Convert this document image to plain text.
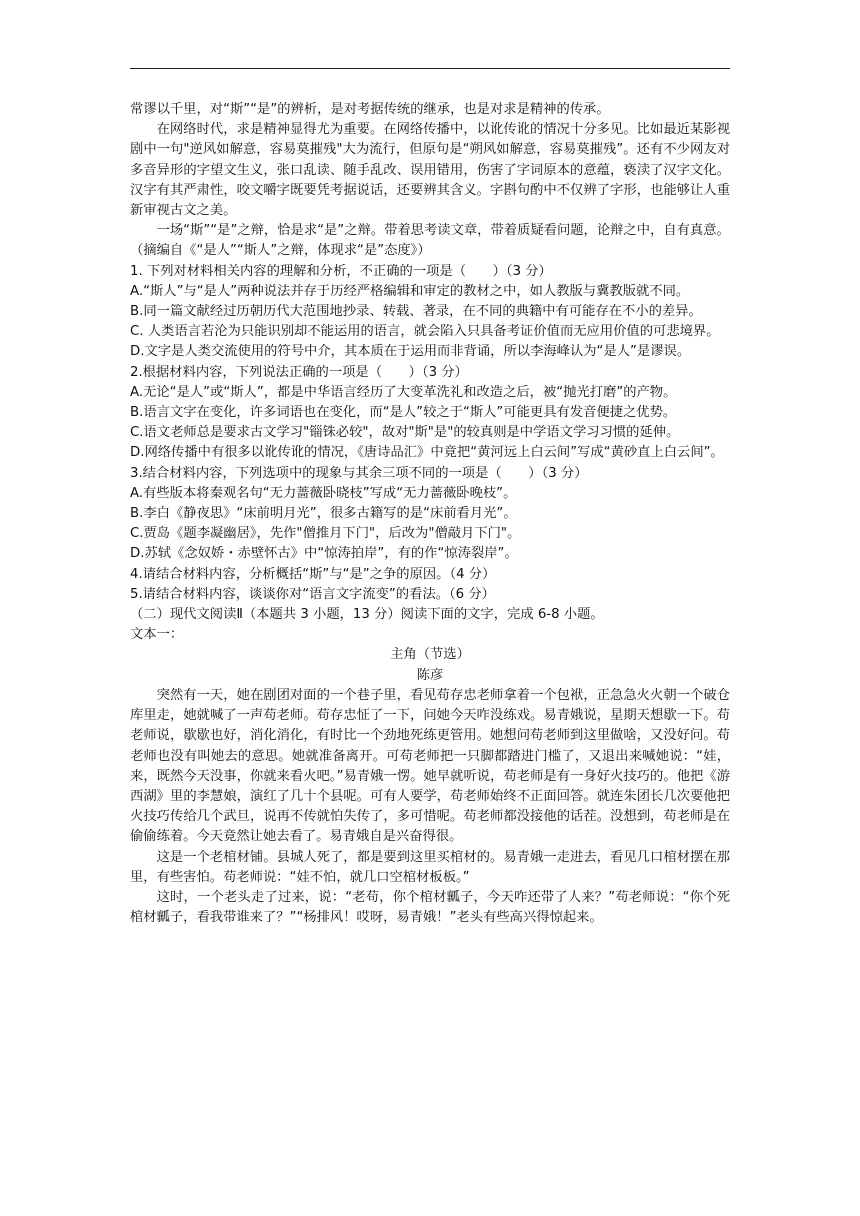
常谬以千里，对“斯”“是”的辨析，是对考据传统的继承，也是对求是精神的传承。

在网络时代，求是精神显得尤为重要。在网络传播中，以讹传讹的情况十分多见。比如最近某影视剧中一句"逆风如解意，容易莫摧残"大为流行，但原句是“朔风如解意，容易莫摧残”。还有不少网友对多音异形的字望文生义，张口乱读、随手乱改、误用错用，伤害了字词原本的意蕴，亵渎了汉字文化。汉字有其严肃性，咬文嚼字既要凭考据说话，还要辨其含义。字斟句酌中不仅辨了字形，也能够让人重新审视古文之美。

一场“斯”“是”之辩，恰是求“是”之辩。带着思考读文章，带着质疑看问题，论辩之中，自有真意。

（摘编自《“是人”“斯人”之辩，体现求“是”态度》）

1. 下列对材料相关内容的理解和分析，不正确的一项是（　　）（3 分）

A.“斯人”与“是人”两种说法并存于历经严格编辑和审定的教材之中，如人教版与冀教版就不同。

B.同一篇文献经过历朝历代大范围地抄录、转载、著录，在不同的典籍中有可能存在不小的差异。

C. 人类语言若沦为只能识别却不能运用的语言，就会陷入只具备考证价值而无应用价值的可悲境界。

D.文字是人类交流使用的符号中介，其本质在于运用而非背诵，所以李海峰认为“是人”是谬误。

2.根据材料内容，下列说法正确的一项是（　　）（3 分）

A.无论“是人”或“斯人”，都是中华语言经历了大变革洗礼和改造之后，被“抛光打磨”的产物。

B.语言文字在变化，许多词语也在变化，而“是人”较之于“斯人”可能更具有发音便捷之优势。

C.语文老师总是要求古文学习"锱铢必较"，故对"斯"是"的较真则是中学语文学习习惯的延伸。

D.网络传播中有很多以讹传讹的情况，《唐诗品汇》中竟把“黄河远上白云间”写成“黄砂直上白云间”。

3.结合材料内容，下列选项中的现象与其余三项不同的一项是（　　）（3 分）

A.有些版本将秦观名句“无力蔷薇卧晓枝”写成“无力蔷薇卧晚枝”。

B.李白《静夜思》“床前明月光”，很多古籍写的是“床前看月光”。

C.贾岛《题李凝幽居》，先作"僧推月下门"，后改为"僧敲月下门"。

D.苏轼《念奴娇・赤壁怀古》中“惊涛拍岸”，有的作“惊涛裂岸”。

4.请结合材料内容，分析概括“斯”与“是”之争的原因。（4 分）

5.请结合材料内容，谈谈你对“语言文字流变”的看法。（6 分）

（二）现代文阅读Ⅱ（本题共 3 小题，13 分）阅读下面的文字，完成 6-8 小题。

文本一：

主角（节选）

陈彦

突然有一天，她在剧团对面的一个巷子里，看见苟存忠老师拿着一个包袱，正急急火火朝一个破仓库里走，她就喊了一声苟老师。苟存忠怔了一下，问她今天咋没练戏。易青娥说，星期天想歇一下。苟老师说，歇歇也好，消化消化，有时比一个劲地死练更管用。她想问苟老师到这里做啥，又没好问。苟老师也没有叫她去的意思。她就准备离开。可苟老师把一只脚都踏进门槛了，又退出来喊她说：“娃，来，既然今天没事，你就来看火吧。”易青娥一愣。她早就听说，苟老师是有一身好火技巧的。他把《游西湖》里的李慧娘，演红了几十个县呢。可有人要学，苟老师始终不正面回答。就连朱团长几次要他把火技巧传给几个武旦，说再不传就怕失传了，多可惜呢。苟老师都没接他的话茬。没想到，苟老师是在偷偷练着。今天竟然让她去看了。易青娥自是兴奋得很。

这是一个老棺材铺。县城人死了，都是要到这里买棺材的。易青娥一走进去，看见几口棺材摆在那里，有些害怕。苟老师说：“娃不怕，就几口空棺材板板。”

这时，一个老头走了过来，说：“老苟，你个棺材瓤子，今天咋还带了人来？”苟老师说：“你个死棺材瓤子，看我带谁来了？”“杨排风！哎呀，易青娥！”老头有些高兴得惊起来。
